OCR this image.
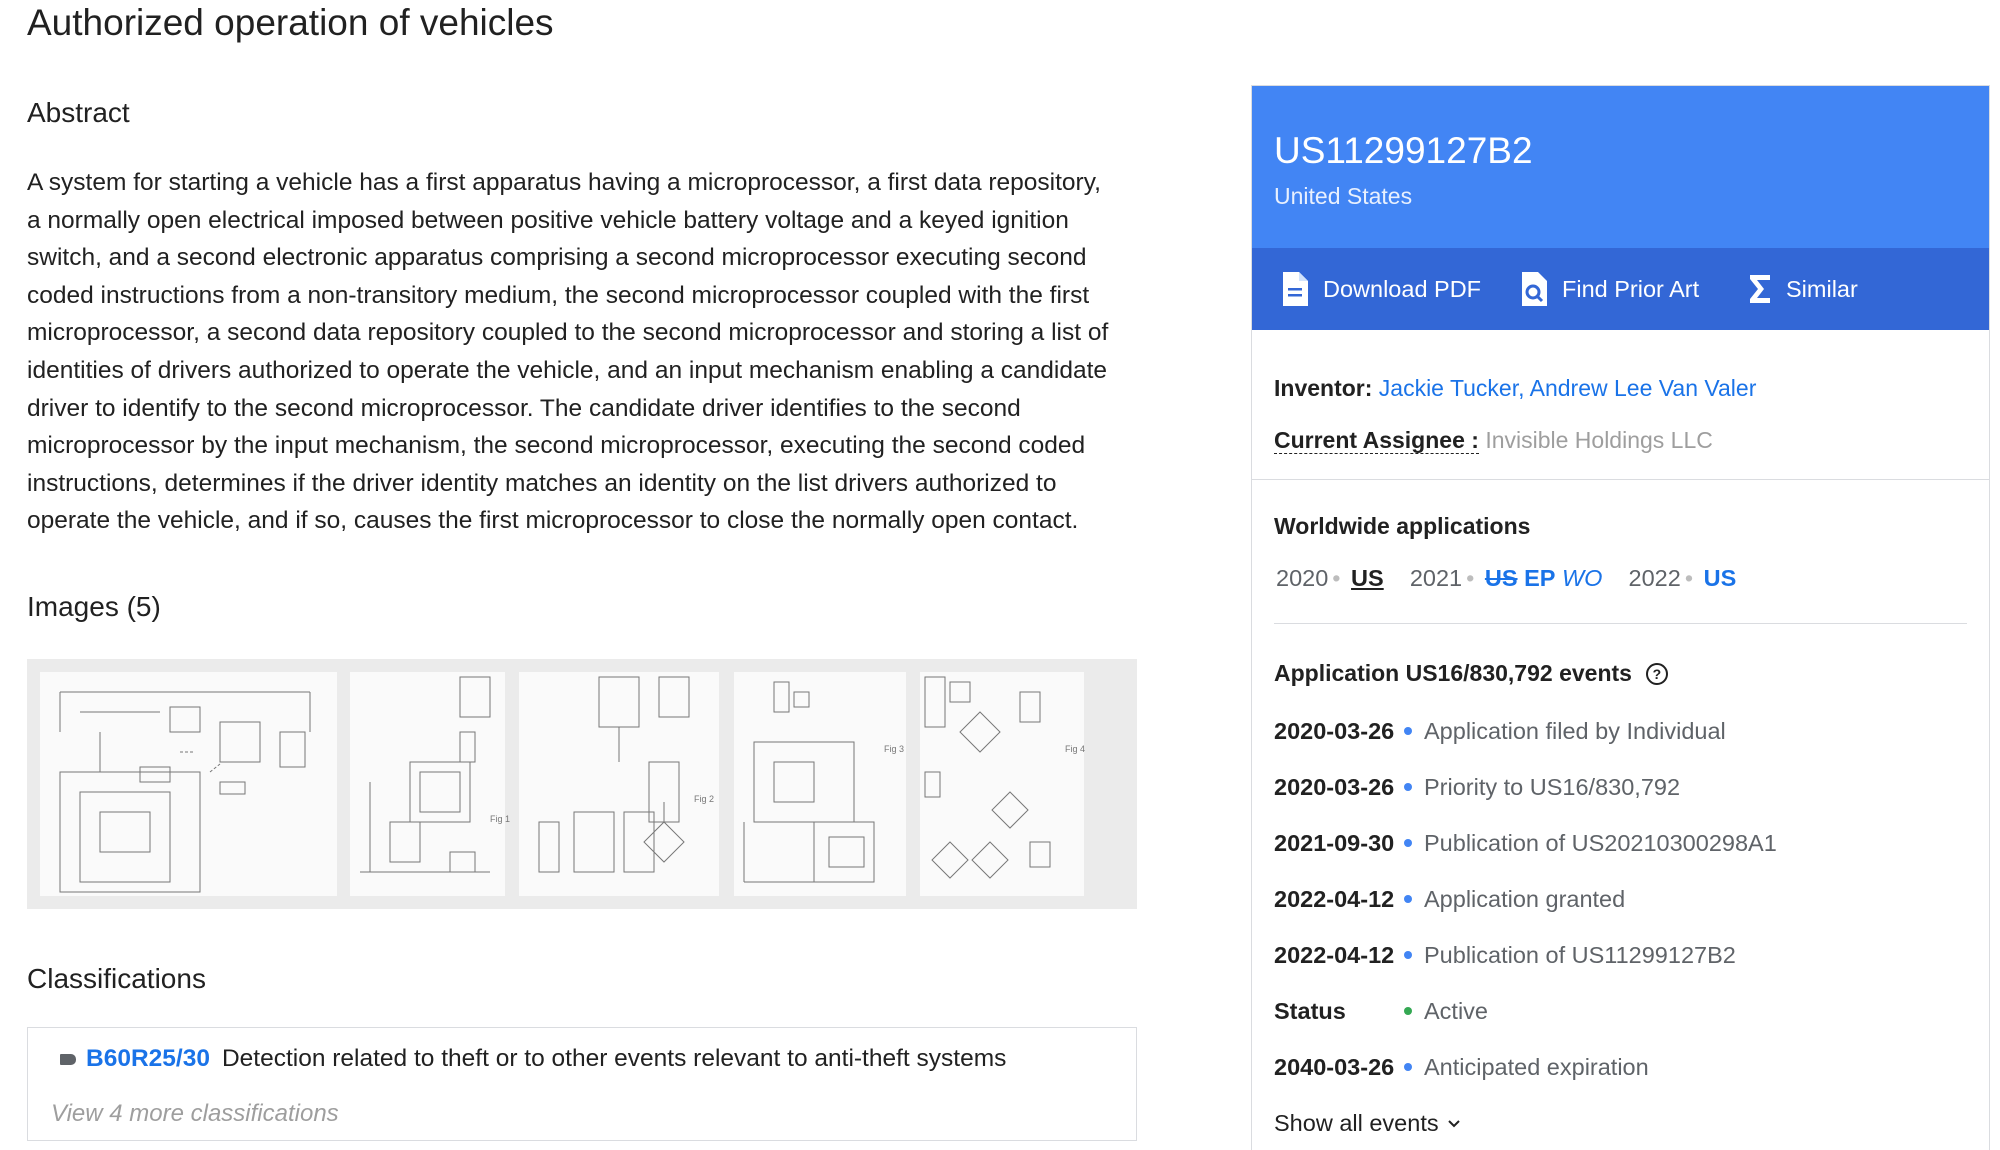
Authorized operation of vehicles
Abstract
A system for starting a vehicle has a first apparatus having a microprocessor, a first data repository, a normally open electrical imposed between positive vehicle battery voltage and a keyed ignition switch, and a second electronic apparatus comprising a second microprocessor executing second coded instructions from a non-transitory medium, the second microprocessor coupled with the first microprocessor, a second data repository coupled to the second microprocessor and storing a list of identities of drivers authorized to operate the vehicle, and an input mechanism enabling a candidate driver to identify to the second microprocessor. The candidate driver identifies to the second microprocessor by the input mechanism, the second microprocessor, executing the second coded instructions, determines if the driver identity matches an identity on the list drivers authorized to operate the vehicle, and if so, causes the first microprocessor to close the normally open contact.
Images (5)
Fig 1
Fig 2
Fig 3	Fig 4
Classifications
B60R25/30 Detection related to theft or to other events relevant to anti-theft systems
View 4 more classifications
US11299127B2
United States
Download PDF	Find Prior Art	Similar
Inventor: Jackie Tucker, Andrew Lee Van Valer
Current Assignee : Invisible Holdings LLC
Worldwide applications
2020 • US 2021 • US EP WO 2022 • US
Application US16/830,792 events	?
2020-03-26	Application filed by Individual
2020-03-26	Priority to US16/830,792
2021-09-30	Publication of US20210300298A1
2022-04-12	Application granted
2022-04-12	Publication of US11299127B2
Status	Active
2040-03-26	Anticipated expiration
Show all events
